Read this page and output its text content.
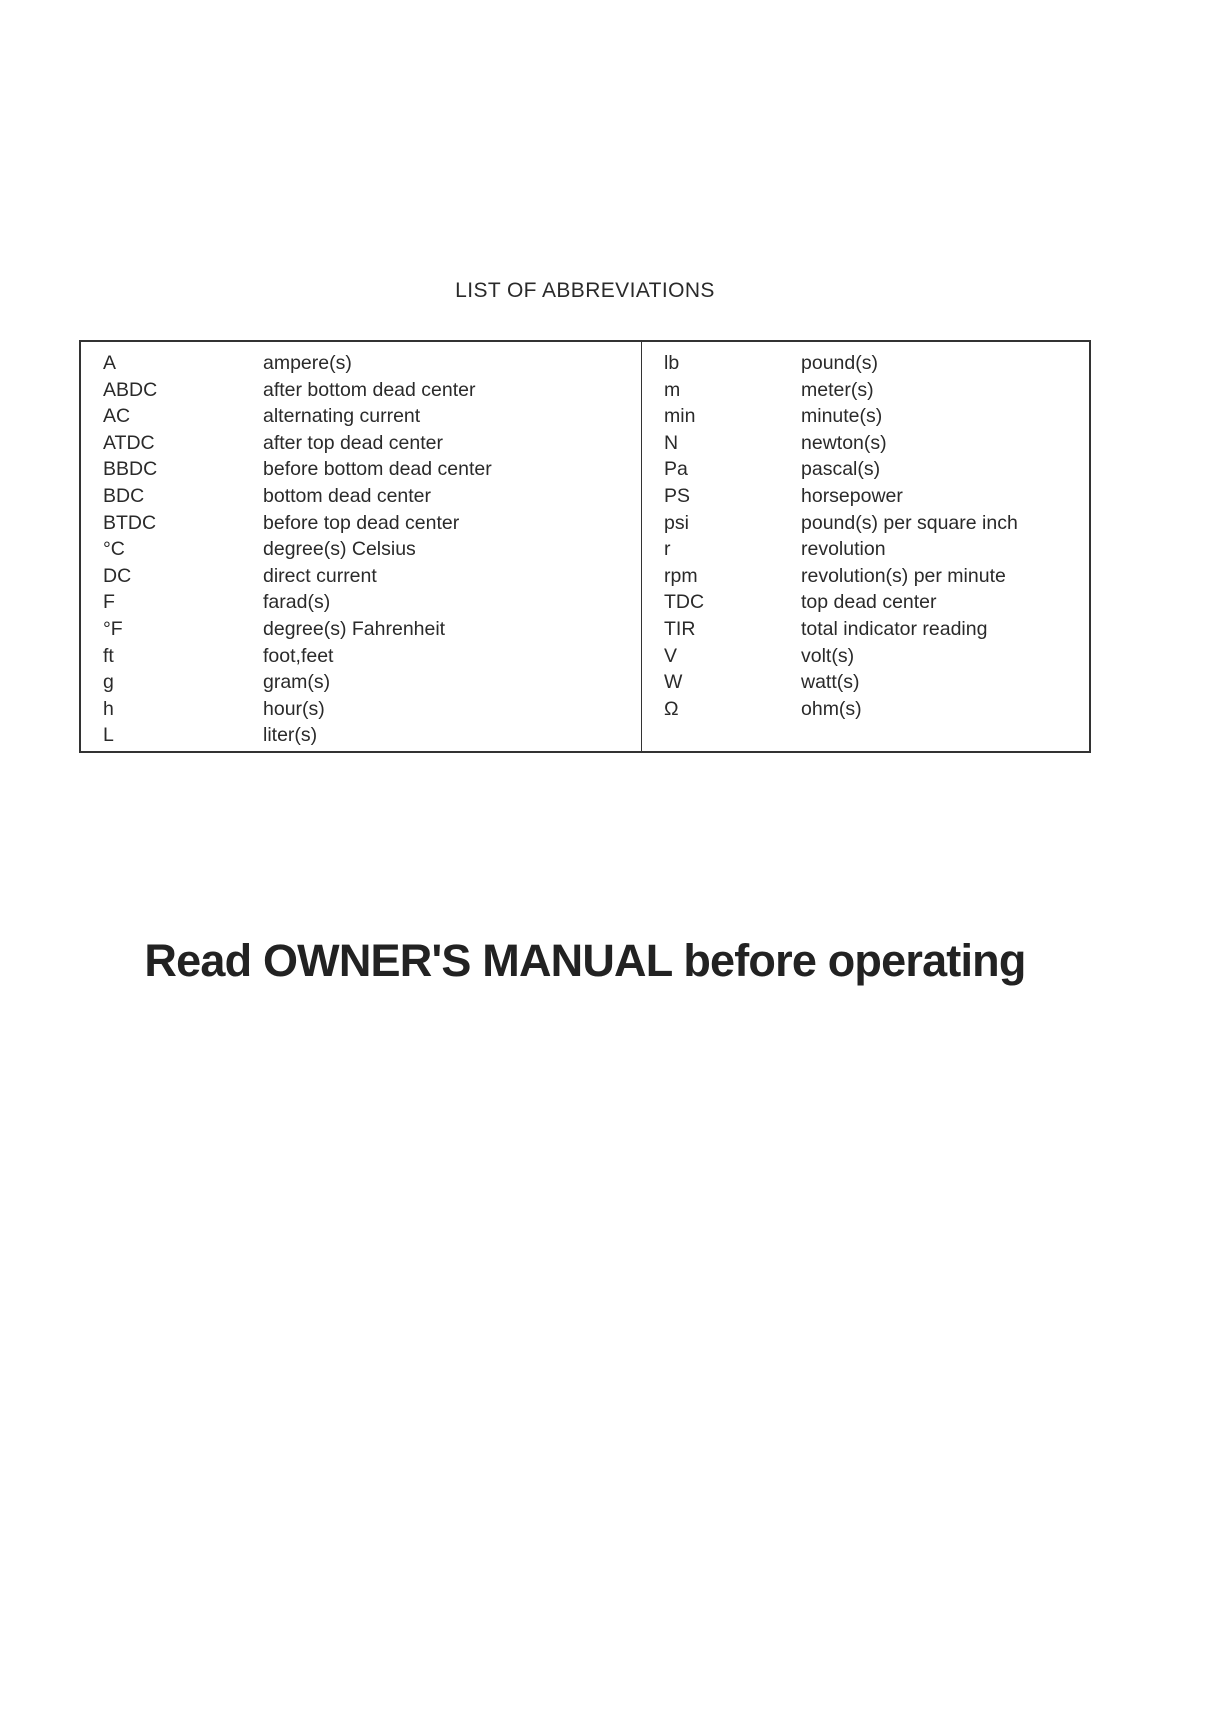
LIST OF ABBREVIATIONS
A	ampere(s)
ABDC	after bottom dead center
AC	alternating current
ATDC	after top dead center
BBDC	before bottom dead center
BDC	bottom dead center
BTDC	before top dead center
°C	degree(s) Celsius
DC	direct current
F	farad(s)
°F	degree(s) Fahrenheit
ft	foot,feet
g	gram(s)
h	hour(s)
L	liter(s)
lb	pound(s)
m	meter(s)
min	minute(s)
N	newton(s)
Pa	pascal(s)
PS	horsepower
psi	pound(s) per square inch
r	revolution
rpm	revolution(s) per minute
TDC	top dead center
TIR	total indicator reading
V	volt(s)
W	watt(s)
Ω	ohm(s)
Read OWNER'S MANUAL before operating
